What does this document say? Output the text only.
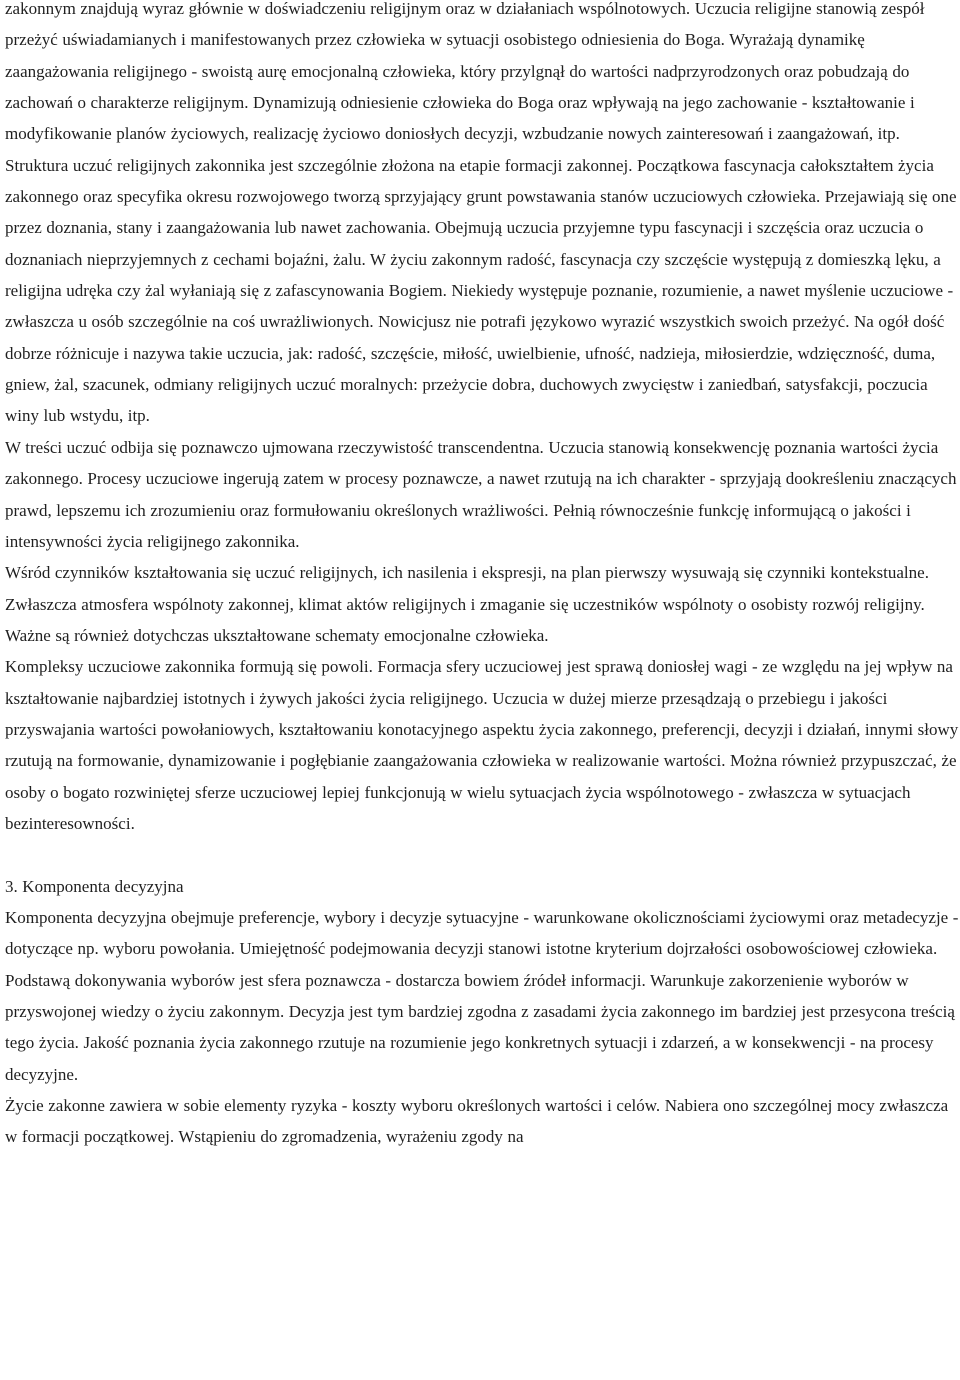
zakonnym znajdują wyraz głównie w doświadczeniu religijnym oraz w działaniach wspólnotowych. Uczucia religijne stanowią zespół przeżyć uświadamianych i manifestowanych przez człowieka w sytuacji osobistego odniesienia do Boga. Wyrażają dynamikę zaangażowania religijnego - swoistą aurę emocjonalną człowieka, który przylgnął do wartości nadprzyrodzonych oraz pobudzają do zachowań o charakterze religijnym. Dynamizują odniesienie człowieka do Boga oraz wpływają na jego zachowanie - kształtowanie i modyfikowanie planów życiowych, realizację życiowo doniosłych decyzji, wzbudzanie nowych zainteresowań i zaangażowań, itp.

Struktura uczuć religijnych zakonnika jest szczególnie złożona na etapie formacji zakonnej. Początkowa fascynacja całokształtem życia zakonnego oraz specyfika okresu rozwojowego tworzą sprzyjający grunt powstawania stanów uczuciowych człowieka. Przejawiają się one przez doznania, stany i zaangażowania lub nawet zachowania. Obejmują uczucia przyjemne typu fascynacji i szczęścia oraz uczucia o doznaniach nieprzyjemnych z cechami bojaźni, żalu. W życiu zakonnym radość, fascynacja czy szczęście występują z domieszką lęku, a religijna udręka czy żal wyłaniają się z zafascynowania Bogiem. Niekiedy występuje poznanie, rozumienie, a nawet myślenie uczuciowe - zwłaszcza u osób szczególnie na coś uwrażliwionych. Nowicjusz nie potrafi językowo wyrazić wszystkich swoich przeżyć. Na ogół dość dobrze różnicuje i nazywa takie uczucia, jak: radość, szczęście, miłość, uwielbienie, ufność, nadzieja, miłosierdzie, wdzięczność, duma, gniew, żal, szacunek, odmiany religijnych uczuć moralnych: przeżycie dobra, duchowych zwycięstw i zaniedbań, satysfakcji, poczucia winy lub wstydu, itp.

W treści uczuć odbija się poznawczo ujmowana rzeczywistość transcendentna. Uczucia stanowią konsekwencję poznania wartości życia zakonnego. Procesy uczuciowe ingerują zatem w procesy poznawcze, a nawet rzutują na ich charakter - sprzyjają dookreśleniu znaczących prawd, lepszemu ich zrozumieniu oraz formułowaniu określonych wrażliwości. Pełnią równocześnie funkcję informującą o jakości i intensywności życia religijnego zakonnika.

Wśród czynników kształtowania się uczuć religijnych, ich nasilenia i ekspresji, na plan pierwszy wysuwają się czynniki kontekstualne. Zwłaszcza atmosfera wspólnoty zakonnej, klimat aktów religijnych i zmaganie się uczestników wspólnoty o osobisty rozwój religijny. Ważne są również dotychczas ukształtowane schematy emocjonalne człowieka.

Kompleksy uczuciowe zakonnika formują się powoli. Formacja sfery uczuciowej jest sprawą doniosłej wagi - ze względu na jej wpływ na kształtowanie najbardziej istotnych i żywych jakości życia religijnego. Uczucia w dużej mierze przesądzają o przebiegu i jakości przyswajania wartości powołaniowych, kształtowaniu konotacyjnego aspektu życia zakonnego, preferencji, decyzji i działań, innymi słowy rzutują na formowanie, dynamizowanie i pogłębianie zaangażowania człowieka w realizowanie wartości. Można również przypuszczać, że osoby o bogato rozwiniętej sferze uczuciowej lepiej funkcjonują w wielu sytuacjach życia wspólnotowego - zwłaszcza w sytuacjach bezinteresowności.

3. Komponenta decyzyjna

Komponenta decyzyjna obejmuje preferencje, wybory i decyzje sytuacyjne - warunkowane okolicznościami życiowymi oraz metadecyzje - dotyczące np. wyboru powołania. Umiejętność podejmowania decyzji stanowi istotne kryterium dojrzałości osobowościowej człowieka.

Podstawą dokonywania wyborów jest sfera poznawcza - dostarcza bowiem źródeł informacji. Warunkuje zakorzenienie wyborów w przyswojonej wiedzy o życiu zakonnym. Decyzja jest tym bardziej zgodna z zasadami życia zakonnego im bardziej jest przesycona treścią tego życia. Jakość poznania życia zakonnego rzutuje na rozumienie jego konkretnych sytuacji i zdarzeń, a w konsekwencji - na procesy decyzyjne.

Życie zakonne zawiera w sobie elementy ryzyka - koszty wyboru określonych wartości i celów. Nabiera ono szczególnej mocy zwłaszcza w formacji początkowej. Wstąpieniu do zgromadzenia, wyrażeniu zgody na
